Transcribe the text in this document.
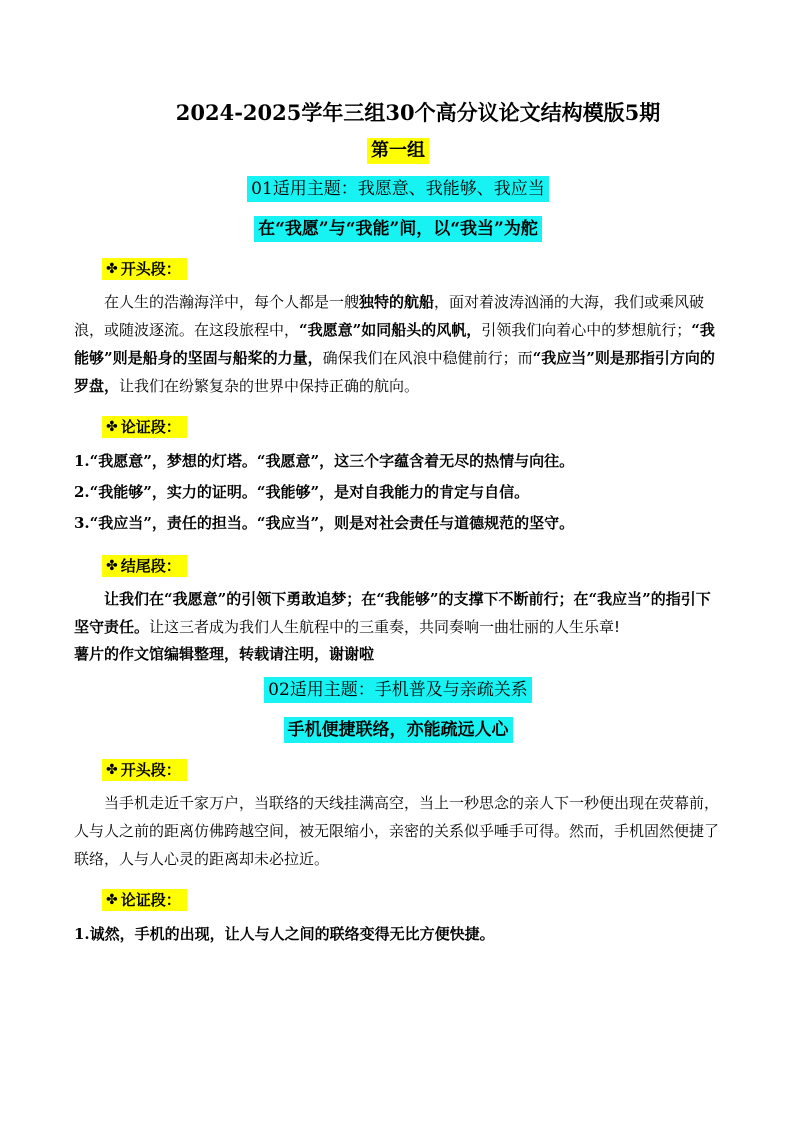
2024-2025学年三组30个高分议论文结构模版5期
第一组
01适用主题：我愿意、我能够、我应当
在“我愿”与“我能”间，以“我当”为舵
✤ 开头段：

在人生的浩瀚海洋中，每个人都是一艘独特的航船，面对着波涛汹涌的大海，我们或乘风破浪，或随波逐流。在这段旅程中，“我愿意”如同船头的风帆，引领我们向着心中的梦想航行；“我能够”则是船身的坚固与船桨的力量，确保我们在风浪中稳健前行；而“我应当”则是那指引方向的罗盘，让我们在纷繁复杂的世界中保持正确的航向。

✤ 论证段：
1.“我愿意”，梦想的灯塔。“我愿意”，这三个字蕴含着无尽的热情与向往。
2.“我能够”，实力的证明。“我能够”，是对自我能力的肯定与自信。
3.“我应当”，责任的担当。“我应当”，则是对社会责任与道德规范的坚守。
✤ 结尾段：

让我们在“我愿意”的引领下勇敢追梦；在“我能够”的支撑下不断前行；在“我应当”的指引下坚守责任。让这三者成为我们人生航程中的三重奏，共同奏响一曲壮丽的人生乐章!

薯片的作文馆编辑整理，转载请注明，谢谢啦

02适用主题：手机普及与亲疏关系
手机便捷联络，亦能疏远人心
✤ 开头段：

当手机走近千家万户，当联络的天线挂满高空，当上一秒思念的亲人下一秒便出现在荧幕前，人与人之前的距离仿佛跨越空间，被无限缩小，亲密的关系似乎唾手可得。然而，手机固然便捷了联络，人与人心灵的距离却未必拉近。

✤ 论证段：
1.诚然，手机的出现，让人与人之间的联络变得无比方便快捷。
